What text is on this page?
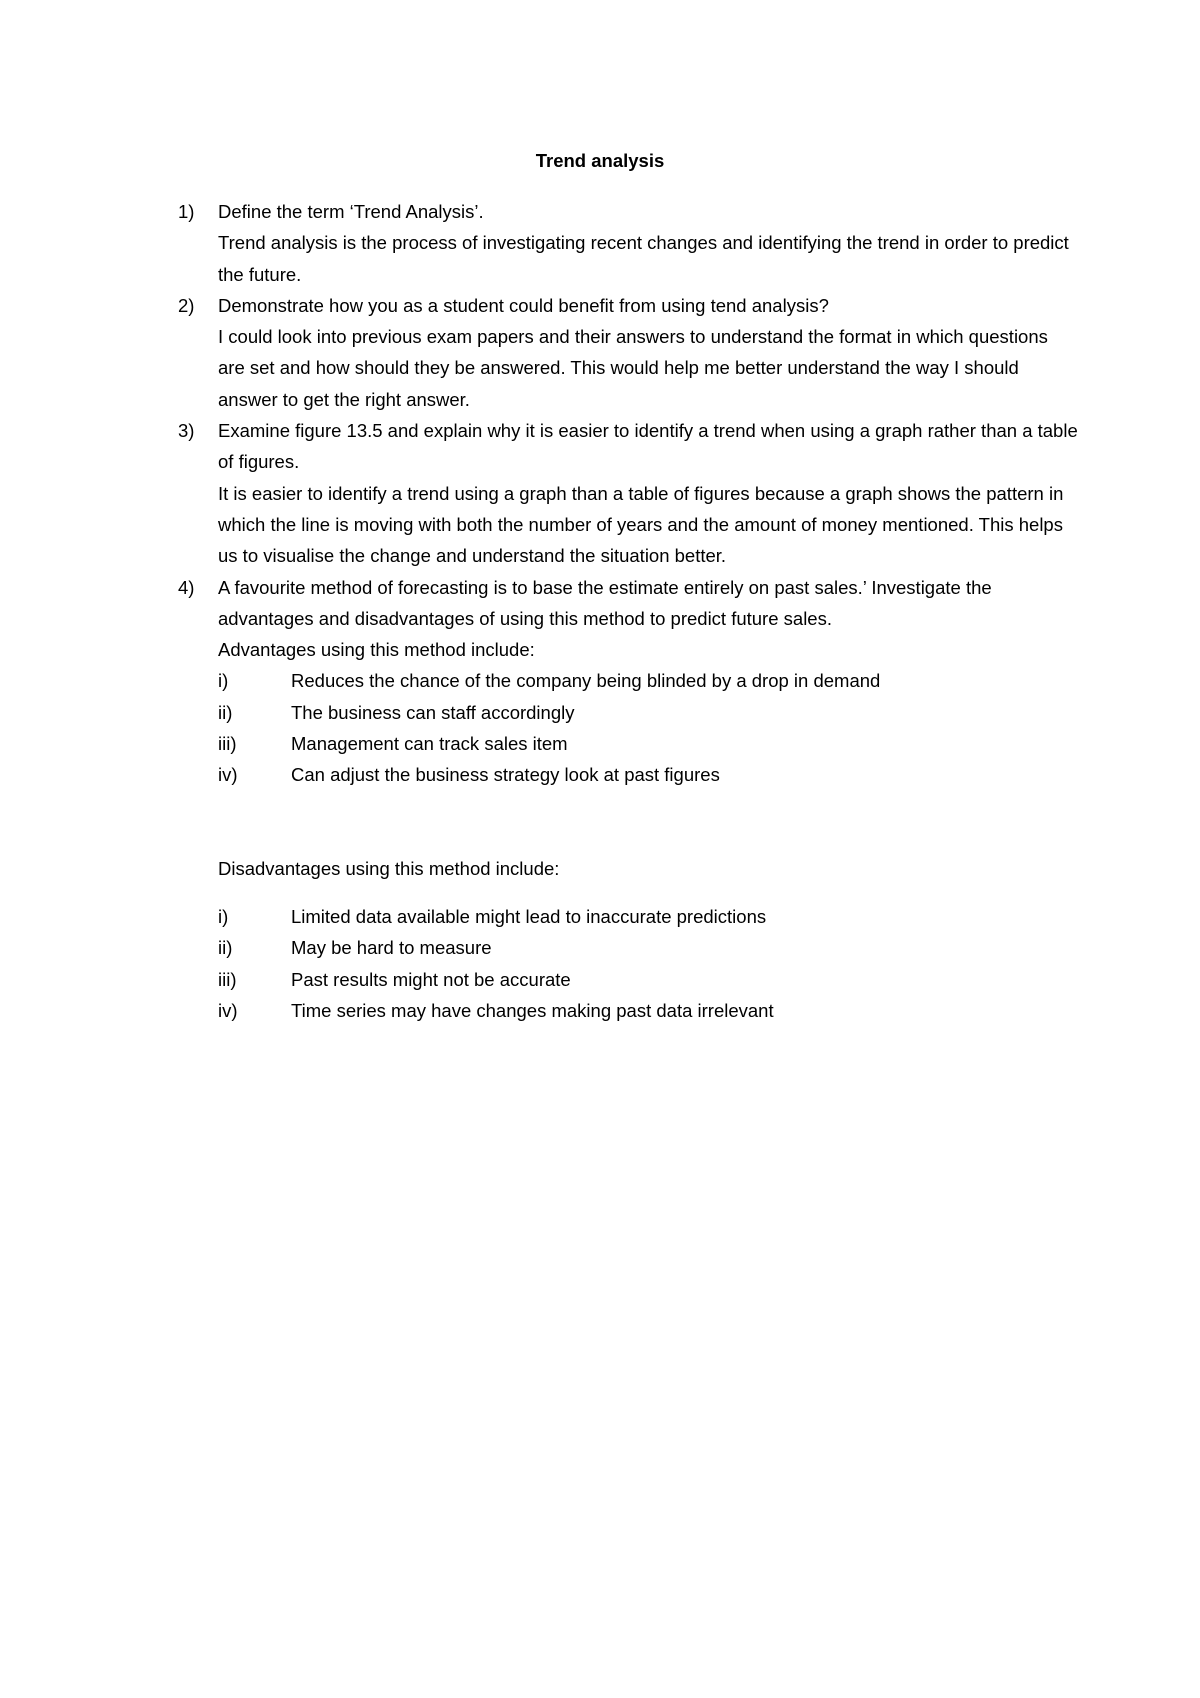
Trend analysis
1) Define the term ‘Trend Analysis’.

Trend analysis is the process of investigating recent changes and identifying the trend in order to predict the future.

2) Demonstrate how you as a student could benefit from using tend analysis?

I could look into previous exam papers and their answers to understand the format in which questions are set and how should they be answered. This would help me better understand the way I should answer to get the right answer.

3) Examine figure 13.5 and explain why it is easier to identify a trend when using a graph rather than a table of figures.

It is easier to identify a trend using a graph than a table of figures because a graph shows the pattern in which the line is moving with both the number of years and the amount of money mentioned. This helps us to visualise the change and understand the situation better.

4) A favourite method of forecasting is to base the estimate entirely on past sales.’ Investigate the advantages and disadvantages of using this method to predict future sales.

Advantages using this method include:

i)	Reduces the chance of the company being blinded by a drop in demand
ii)	The business can staff accordingly
iii)	Management can track sales item
iv)	Can adjust the business strategy look at past figures

Disadvantages using this method include:

i)	Limited data available might lead to inaccurate predictions
ii)	May be hard to measure
iii)	Past results might not be accurate
iv)	Time series may have changes making past data irrelevant
